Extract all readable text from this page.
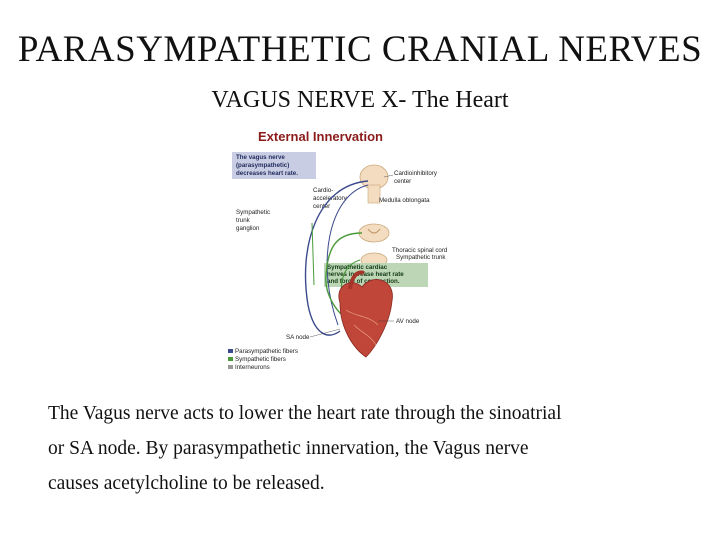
PARASYMPATHETIC CRANIAL NERVES
VAGUS NERVE X- The Heart
External Innervation
The vagus nerve
(parasympathetic)
decreases heart rate.	Cardioinhibitory
center
Medulla oblongata
Cardio-
acceleratory
center
Sympathetic
trunk
ganglion
Thoracic spinal cord
Sympathetic trunk
Sympathetic cardiac
nerves increase heart rate
and force of contraction.
AV node
SA node
Parasympathetic fibers
Sympathetic fibers
Interneurons

The Vagus nerve acts to lower the heart rate through the sinoatrial
or SA node. By parasympathetic innervation, the Vagus nerve
causes acetylcholine to be released.
